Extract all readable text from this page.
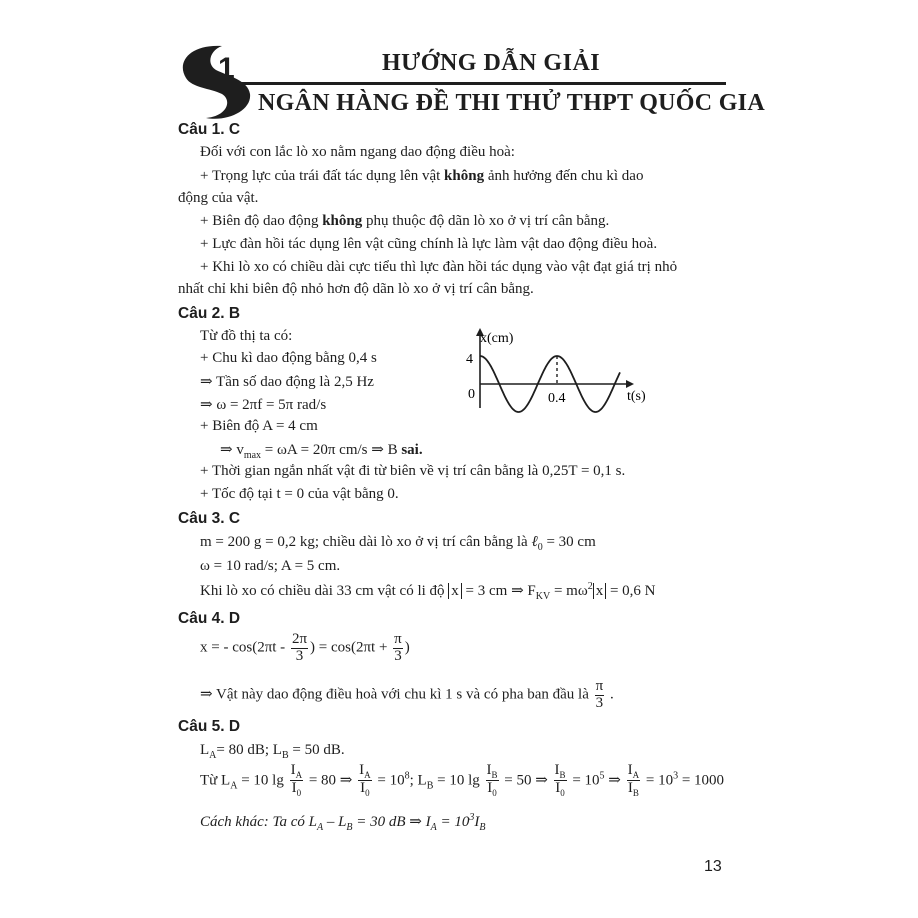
1	HƯỚNG DẪN GIẢI
NGÂN HÀNG ĐỀ THI THỬ THPT QUỐC GIA
Câu 1. C
Đối với con lắc lò xo nằm ngang dao động điều hoà:
+ Trọng lực của trái đất tác dụng lên vật không ảnh hưởng đến chu kì dao
động của vật.
+ Biên độ dao động không phụ thuộc độ dãn lò xo ở vị trí cân bằng.
+ Lực đàn hồi tác dụng lên vật cũng chính là lực làm vật dao động điều hoà.
+ Khi lò xo có chiều dài cực tiểu thì lực đàn hồi tác dụng vào vật đạt giá trị nhỏ
nhất chỉ khi biên độ nhỏ hơn độ dãn lò xo ở vị trí cân bằng.
Câu 2. B
Từ đồ thị ta có:
+ Chu kì dao động bằng 0,4 s
⇒ Tần số dao động là 2,5 Hz
⇒ ω = 2πf = 5π rad/s
+ Biên độ A = 4 cm
⇒ $v_{max} = \omega A = 20\pi$ cm/s ⇒ B sai.
+ Thời gian ngắn nhất vật đi từ biên về vị trí cân bằng là 0,25T = 0,1 s.
+ Tốc độ tại t = 0 của vật bằng 0.
x(cm)
4
0	0.4	t(s)
Câu 3. C
m = 200 g = 0,2 kg; chiều dài lò xo ở vị trí cân bằng là ℓ$_0$ = 30 cm
ω = 10 rad/s; A = 5 cm.
Khi lò xo có chiều dài 33 cm vật có li độ x = 3 cm ⇒ $F_{KV} = m\omega^2$ x = 0,6 N
Câu 4. D
x = - $\cos(2\pi t - \frac{2\pi}{3}$ ) = $\cos(2\pi t + \frac{\pi}{3}$ )
⇒ Vật này dao động điều hoà với chu kì 1 s và có pha ban đầu là $\frac{\pi}{3}$ .
Câu 5. D
$L_A= 80$ dB; $L_B = 50$ dB.
Từ $L_A = 10$ $\lg \frac{I_A}{I_0} = 80$ ⇒ $\frac{I_A}{I_0} = 10^8$; $L_B = 10$ $\lg \frac{I_B}{I_0} = 50$ ⇒ $\frac{I_B}{I_0} = 10^5$ ⇒ $\frac{I_A}{I_B} = 10^3 = 1000$
Cách khác: Ta có $L_A - L_B = 30$ dB ⇒ $I_A = 10^3I_B$
13
